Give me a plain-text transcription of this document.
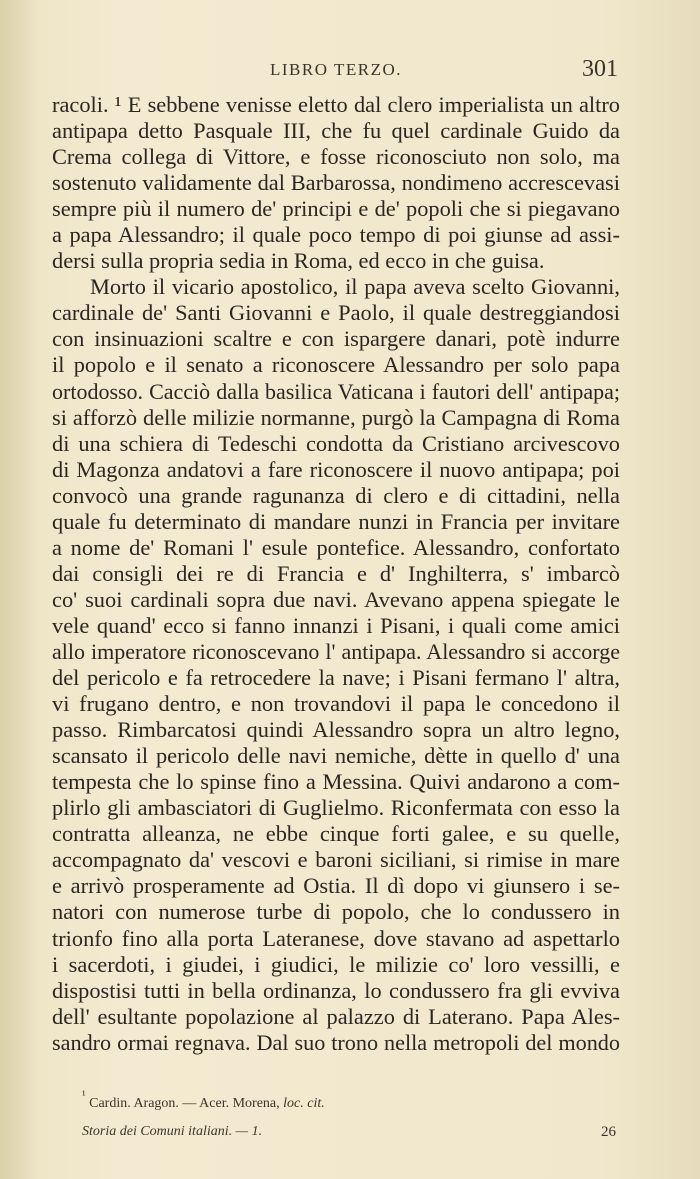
LIBRO TERZO.	301
racoli. ¹ E sebbene venisse eletto dal clero imperialista un altro
antipapa detto Pasquale III, che fu quel cardinale Guido da
Crema collega di Vittore, e fosse riconosciuto non solo, ma
sostenuto validamente dal Barbarossa, nondimeno accrescevasi
sempre più il numero de' principi e de' popoli che si piegavano
a papa Alessandro; il quale poco tempo di poi giunse ad assi-
dersi sulla propria sedia in Roma, ed ecco in che guisa.
Morto il vicario apostolico, il papa aveva scelto Giovanni,
cardinale de' Santi Giovanni e Paolo, il quale destreggiandosi
con insinuazioni scaltre e con ispargere danari, potè indurre
il popolo e il senato a riconoscere Alessandro per solo papa
ortodosso. Cacciò dalla basilica Vaticana i fautori dell' antipapa;
si afforzò delle milizie normanne, purgò la Campagna di Roma
di una schiera di Tedeschi condotta da Cristiano arcivescovo
di Magonza andatovi a fare riconoscere il nuovo antipapa; poi
convocò una grande ragunanza di clero e di cittadini, nella
quale fu determinato di mandare nunzi in Francia per invitare
a nome de' Romani l' esule pontefice. Alessandro, confortato
dai consigli dei re di Francia e d' Inghilterra, s' imbarcò
co' suoi cardinali sopra due navi. Avevano appena spiegate le
vele quand' ecco si fanno innanzi i Pisani, i quali come amici
allo imperatore riconoscevano l' antipapa. Alessandro si accorge
del pericolo e fa retrocedere la nave; i Pisani fermano l' altra,
vi frugano dentro, e non trovandovi il papa le concedono il
passo. Rimbarcatosi quindi Alessandro sopra un altro legno,
scansato il pericolo delle navi nemiche, dètte in quello d' una
tempesta che lo spinse fino a Messina. Quivi andarono a com-
plirlo gli ambasciatori di Guglielmo. Riconfermata con esso la
contratta alleanza, ne ebbe cinque forti galee, e su quelle,
accompagnato da' vescovi e baroni siciliani, si rimise in mare
e arrivò prosperamente ad Ostia. Il dì dopo vi giunsero i se-
natori con numerose turbe di popolo, che lo condussero in
trionfo fino alla porta Lateranese, dove stavano ad aspettarlo
i sacerdoti, i giudei, i giudici, le milizie co' loro vessilli, e
dispostisi tutti in bella ordinanza, lo condussero fra gli evviva
dell' esultante popolazione al palazzo di Laterano. Papa Ales-
sandro ormai regnava. Dal suo trono nella metropoli del mondo
$^{^1}$ Cardin. Aragon. — Acer. Morena, loc. cit.
Storia dei Comuni italiani. — 1.	26
